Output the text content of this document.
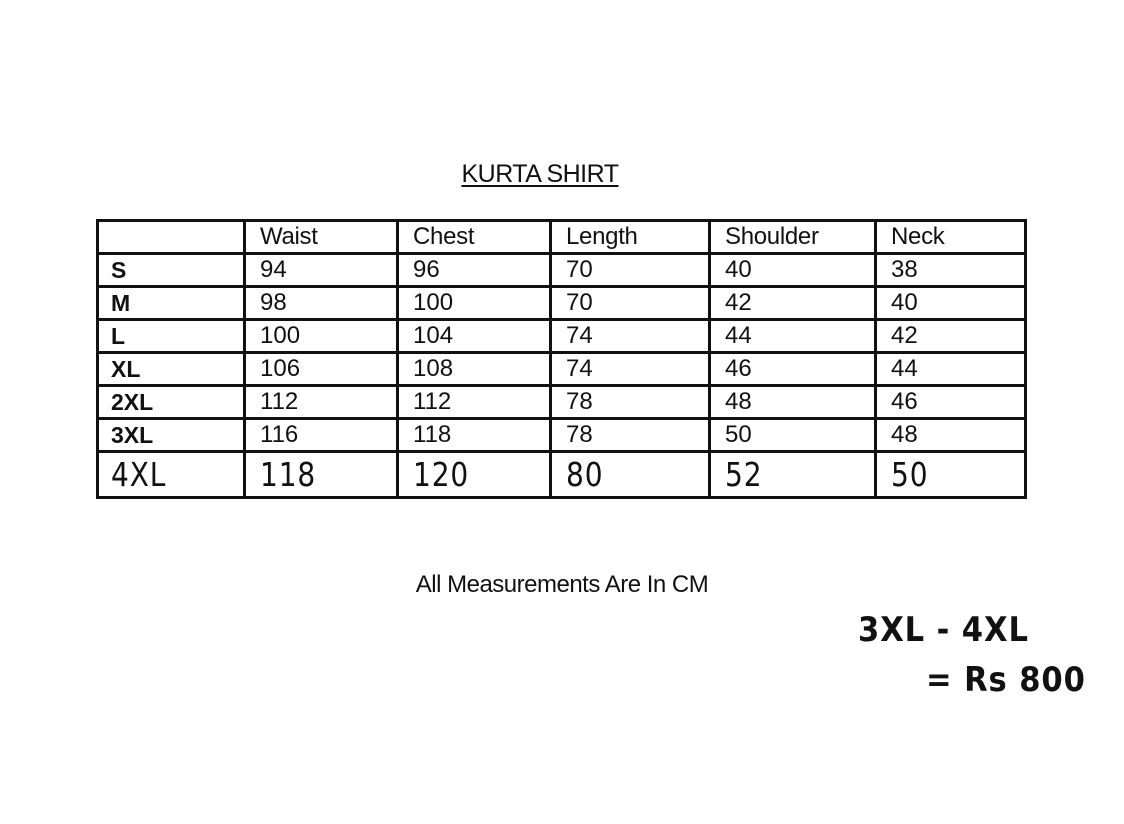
KURTA SHIRT
	Waist	Chest	Length	Shoulder	Neck
S	94	96	70	40	38
M	98	100	70	42	40
L	100	104	74	44	42
XL	106	108	74	46	44
2XL	112	112	78	48	46
3XL	116	118	78	50	48
4XL	118	120	80	52	50
All Measurements Are In CM
3XL - 4XL
= Rs 800
